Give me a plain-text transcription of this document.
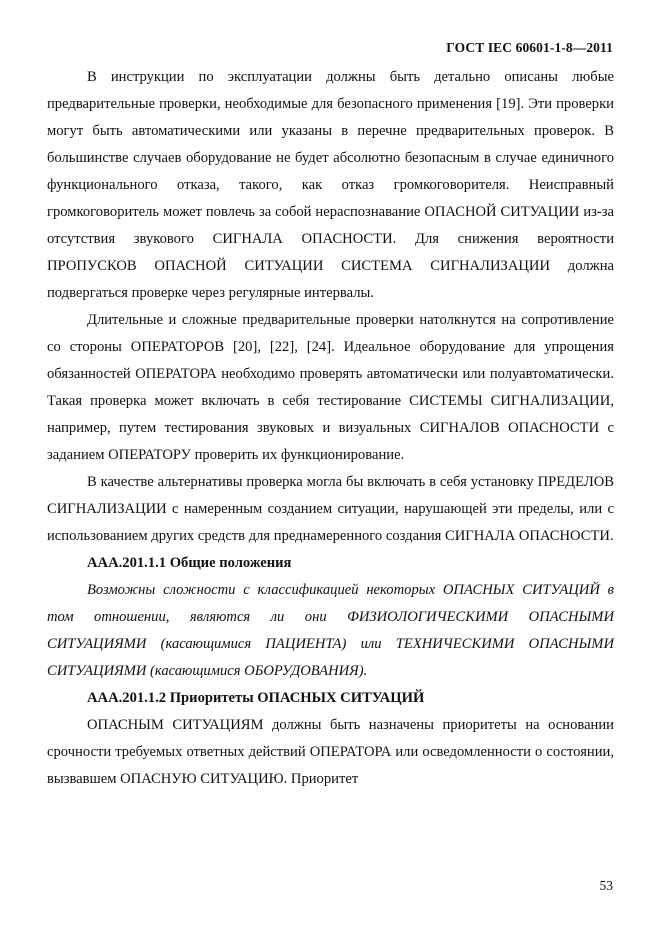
ГОСТ IEC 60601-1-8—2011

В инструкции по эксплуатации должны быть детально описаны любые предварительные проверки, необходимые для безопасного применения [19]. Эти проверки могут быть автоматическими или указаны в перечне предварительных проверок. В большинстве случаев оборудование не будет абсолютно безопасным в случае единичного функционального отказа, такого, как отказ громкоговорителя. Неисправный громкоговоритель может повлечь за собой нераспознавание ОПАСНОЙ СИТУАЦИИ из-за отсутствия звукового СИГНАЛА ОПАСНОСТИ. Для снижения вероятности ПРОПУСКОВ ОПАСНОЙ СИТУАЦИИ СИСТЕМА СИГНАЛИЗАЦИИ должна подвергаться проверке через регулярные интервалы.

Длительные и сложные предварительные проверки натолкнутся на сопротивление со стороны ОПЕРАТОРОВ [20], [22], [24]. Идеальное оборудование для упрощения обязанностей ОПЕРАТОРА необходимо проверять автоматически или полуавтоматически. Такая проверка может включать в себя тестирование СИСТЕМЫ СИГНАЛИЗАЦИИ, например, путем тестирования звуковых и визуальных СИГНАЛОВ ОПАСНОСТИ с заданием ОПЕРАТОРУ проверить их функционирование.

В качестве альтернативы проверка могла бы включать в себя установку ПРЕДЕЛОВ СИГНАЛИЗАЦИИ с намеренным созданием ситуации, нарушающей эти пределы, или с использованием других средств для преднамеренного создания СИГНАЛА ОПАСНОСТИ.

ААА.201.1.1 Общие положения

Возможны сложности с классификацией некоторых ОПАСНЫХ СИТУАЦИЙ в том отношении, являются ли они ФИЗИОЛОГИЧЕСКИМИ ОПАСНЫМИ СИТУАЦИЯМИ (касающимися ПАЦИЕНТА) или ТЕХНИЧЕСКИМИ ОПАСНЫМИ СИТУАЦИЯМИ (касающимися ОБОРУДОВАНИЯ).

ААА.201.1.2 Приоритеты ОПАСНЫХ СИТУАЦИЙ

ОПАСНЫМ СИТУАЦИЯМ должны быть назначены приоритеты на основании срочности требуемых ответных действий ОПЕРАТОРА или осведомленности о состоянии, вызвавшем ОПАСНУЮ СИТУАЦИЮ. Приоритет

53
